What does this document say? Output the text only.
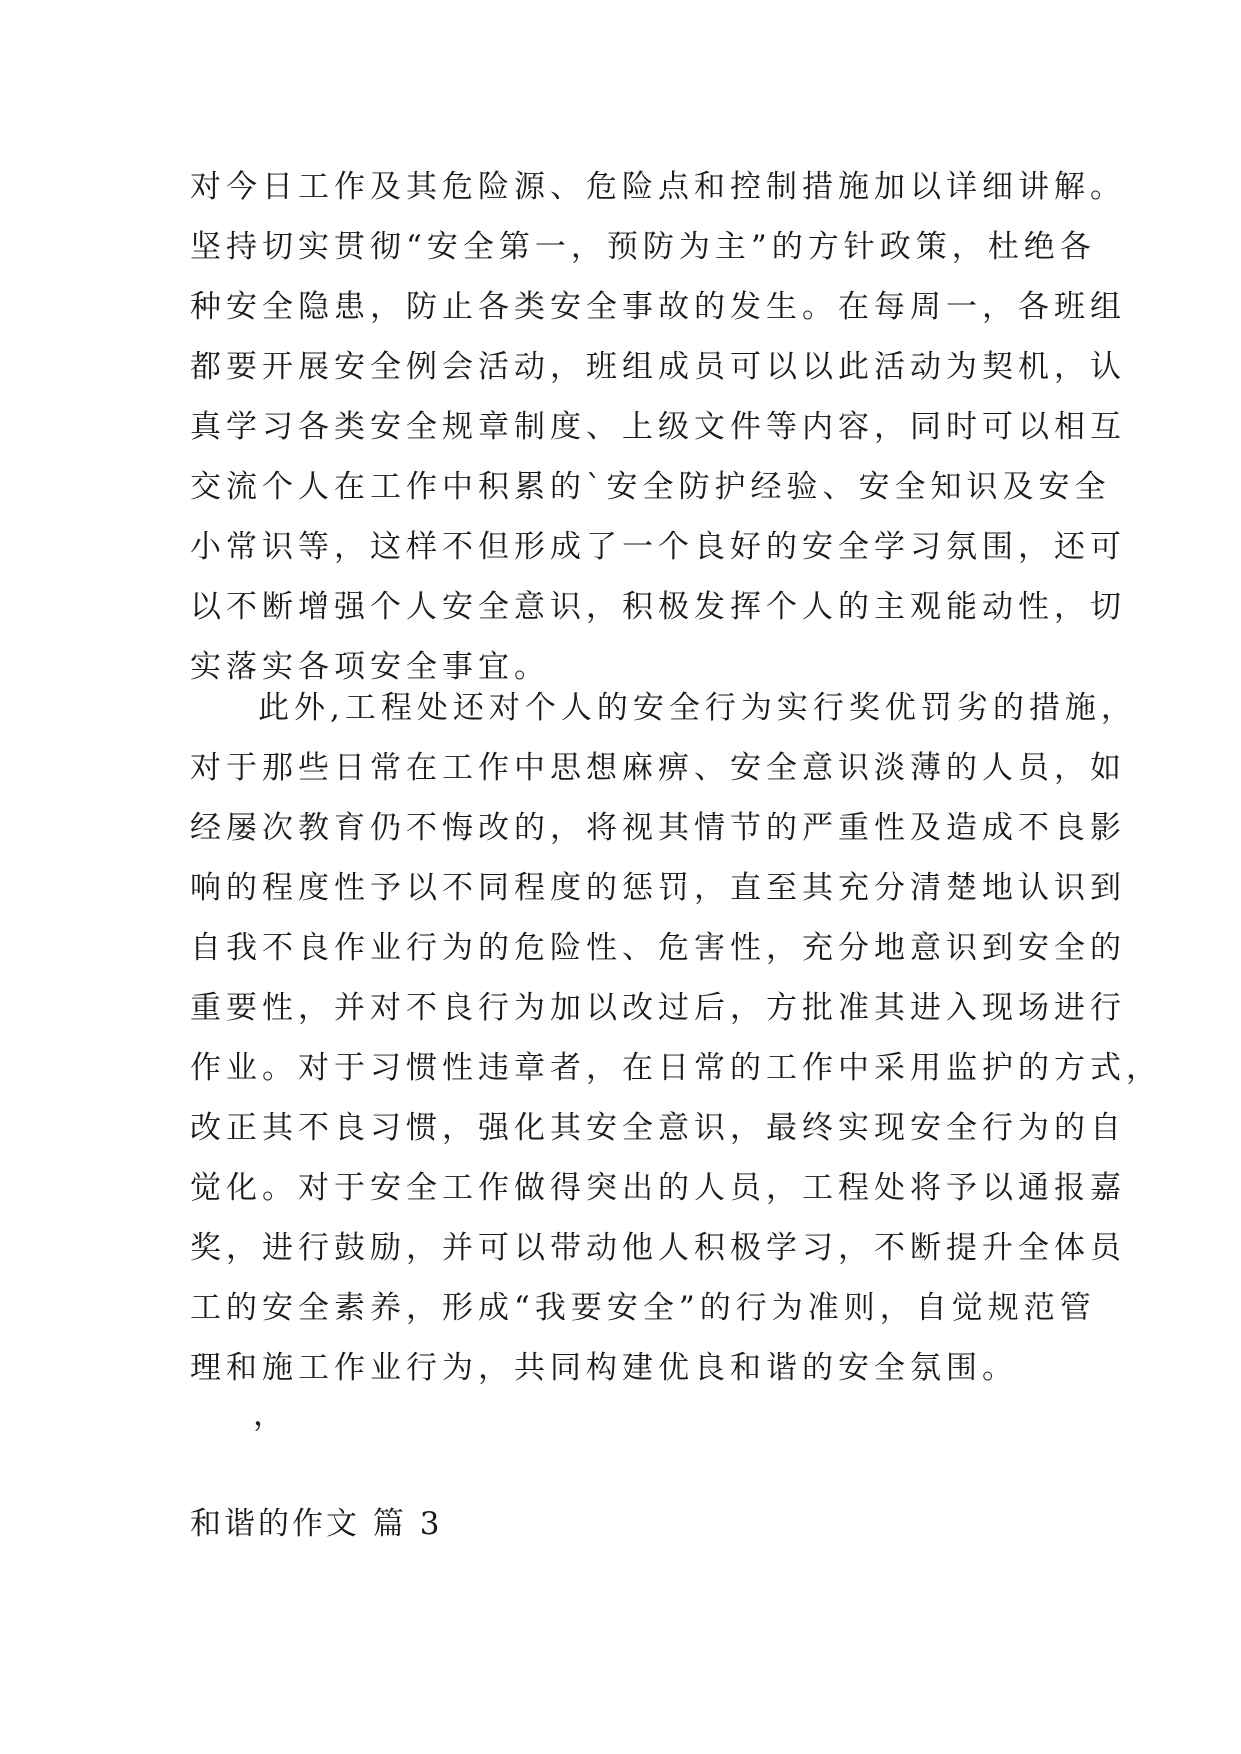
对今日工作及其危险源、危险点和控制措施加以详细讲解。
坚持切实贯彻“安全第一，预防为主”的方针政策，杜绝各
种安全隐患，防止各类安全事故的发生。在每周一，各班组
都要开展安全例会活动，班组成员可以以此活动为契机，认
真学习各类安全规章制度、上级文件等内容，同时可以相互
交流个人在工作中积累的`安全防护经验、安全知识及安全
小常识等，这样不但形成了一个良好的安全学习氛围，还可
以不断增强个人安全意识，积极发挥个人的主观能动性，切
实落实各项安全事宜。
此外,工程处还对个人的安全行为实行奖优罚劣的措施，
对于那些日常在工作中思想麻痹、安全意识淡薄的人员，如
经屡次教育仍不悔改的，将视其情节的严重性及造成不良影
响的程度性予以不同程度的惩罚，直至其充分清楚地认识到
自我不良作业行为的危险性、危害性，充分地意识到安全的
重要性，并对不良行为加以改过后，方批准其进入现场进行
作业。对于习惯性违章者，在日常的工作中采用监护的方式，
改正其不良习惯，强化其安全意识，最终实现安全行为的自
觉化。对于安全工作做得突出的人员，工程处将予以通报嘉
奖，进行鼓励，并可以带动他人积极学习，不断提升全体员
工的安全素养，形成“我要安全”的行为准则，自觉规范管
理和施工作业行为，共同构建优良和谐的安全氛围。
，
和谐的作文 篇 3
